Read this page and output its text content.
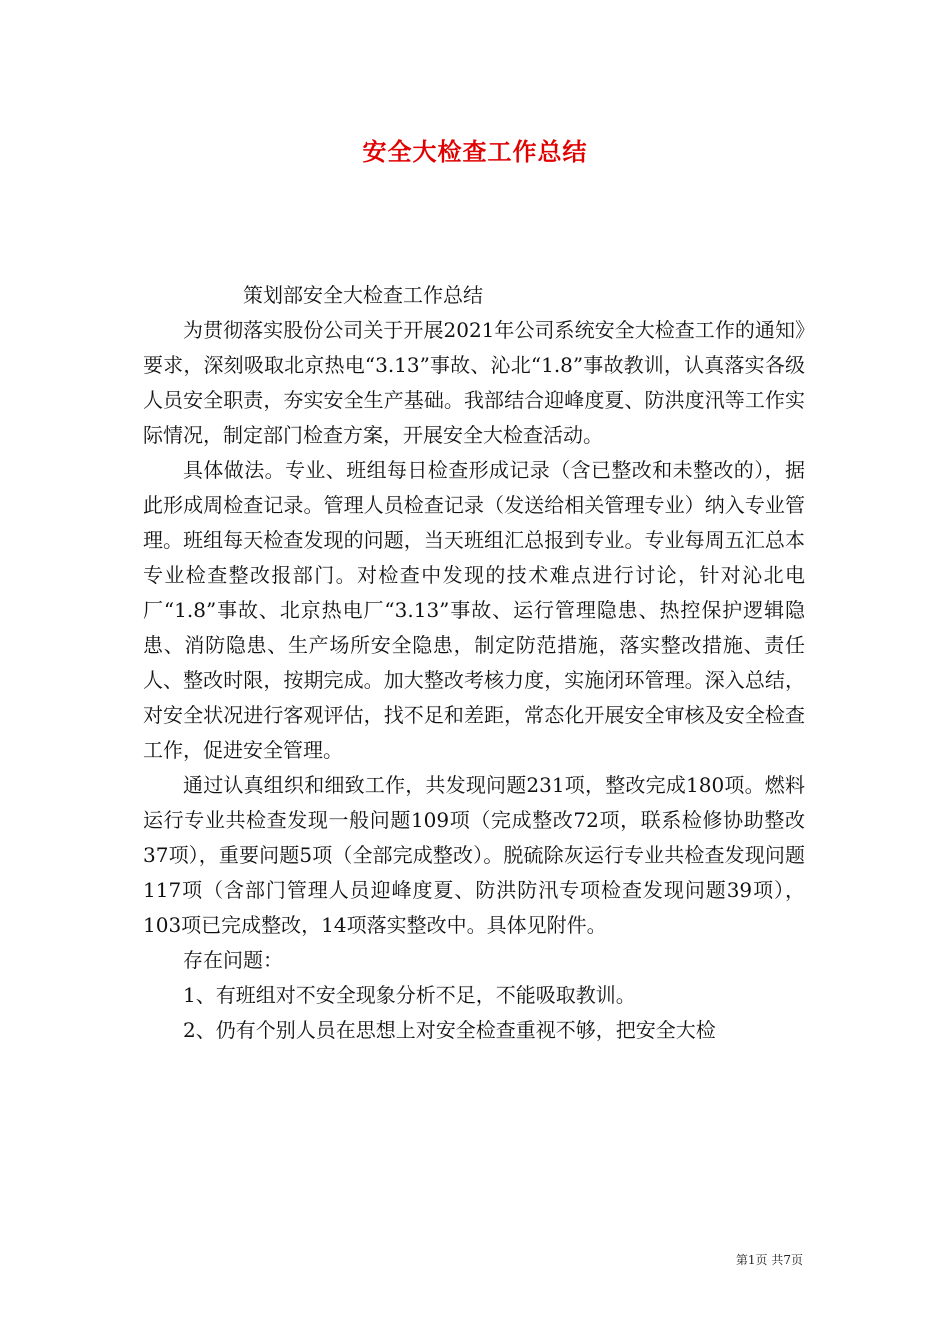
安全大检查工作总结

策划部安全大检查工作总结

为贯彻落实股份公司关于开展2021年公司系统安全大检查工作的通知》要求，深刻吸取北京热电“3.13”事故、沁北“1.8”事故教训，认真落实各级人员安全职责，夯实安全生产基础。我部结合迎峰度夏、防洪度汛等工作实际情况，制定部门检查方案，开展安全大检查活动。

具体做法。专业、班组每日检查形成记录（含已整改和未整改的），据此形成周检查记录。管理人员检查记录（发送给相关管理专业）纳入专业管理。班组每天检查发现的问题，当天班组汇总报到专业。专业每周五汇总本专业检查整改报部门。对检查中发现的技术难点进行讨论，针对沁北电厂“1.8”事故、北京热电厂“3.13”事故、运行管理隐患、热控保护逻辑隐患、消防隐患、生产场所安全隐患，制定防范措施，落实整改措施、责任人、整改时限，按期完成。加大整改考核力度，实施闭环管理。深入总结，对安全状况进行客观评估，找不足和差距，常态化开展安全审核及安全检查工作，促进安全管理。

通过认真组织和细致工作，共发现问题231项，整改完成180项。燃料运行专业共检查发现一般问题109项（完成整改72项，联系检修协助整改37项），重要问题5项（全部完成整改）。脱硫除灰运行专业共检查发现问题117项（含部门管理人员迎峰度夏、防洪防汛专项检查发现问题39项），103项已完成整改，14项落实整改中。具体见附件。

存在问题：

1、有班组对不安全现象分析不足，不能吸取教训。

2、仍有个别人员在思想上对安全检查重视不够，把安全大检

第1页 共7页
